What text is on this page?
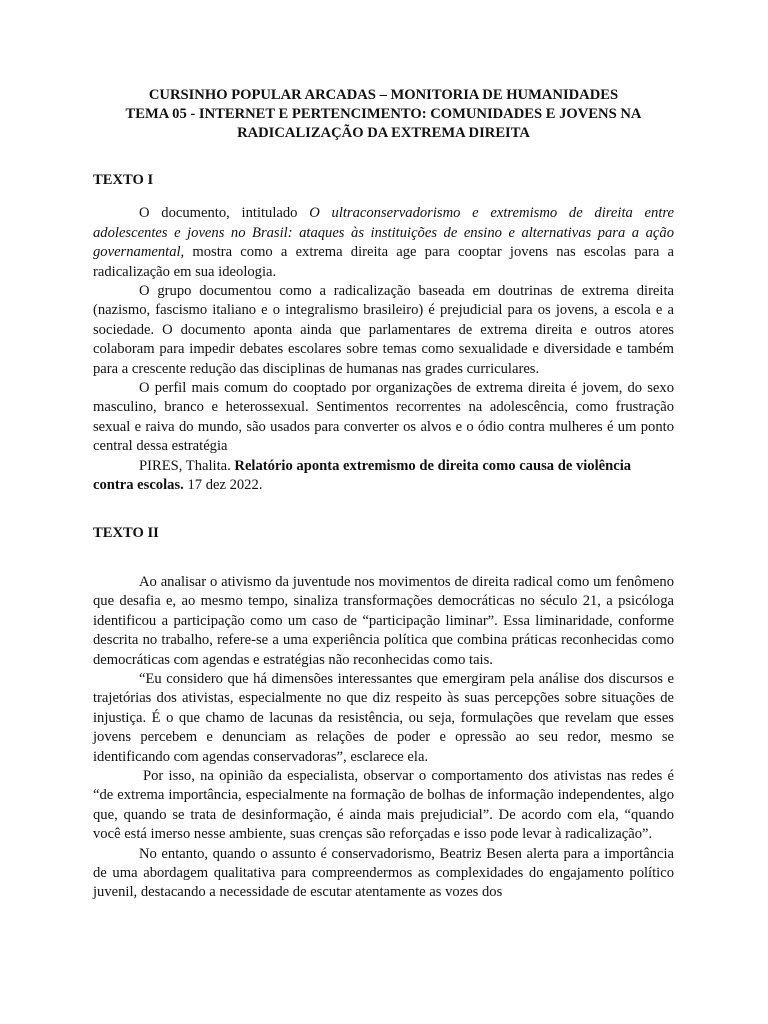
CURSINHO POPULAR ARCADAS – MONITORIA DE HUMANIDADES
TEMA 05 - INTERNET E PERTENCIMENTO: COMUNIDADES E JOVENS NA
RADICALIZAÇÃO DA EXTREMA DIREITA
TEXTO I

O documento, intitulado O ultraconservadorismo e extremismo de direita entre adolescentes e jovens no Brasil: ataques às instituições de ensino e alternativas para a ação governamental, mostra como a extrema direita age para cooptar jovens nas escolas para a radicalização em sua ideologia.

O grupo documentou como a radicalização baseada em doutrinas de extrema direita (nazismo, fascismo italiano e o integralismo brasileiro) é prejudicial para os jovens, a escola e a sociedade. O documento aponta ainda que parlamentares de extrema direita e outros atores colaboram para impedir debates escolares sobre temas como sexualidade e diversidade e também para a crescente redução das disciplinas de humanas nas grades curriculares.

O perfil mais comum do cooptado por organizações de extrema direita é jovem, do sexo masculino, branco e heterossexual. Sentimentos recorrentes na adolescência, como frustração sexual e raiva do mundo, são usados para converter os alvos e o ódio contra mulheres é um ponto central dessa estratégia

PIRES, Thalita. Relatório aponta extremismo de direita como causa de violência contra escolas. 17 dez 2022.

TEXTO II

Ao analisar o ativismo da juventude nos movimentos de direita radical como um fenômeno que desafia e, ao mesmo tempo, sinaliza transformações democráticas no século 21, a psicóloga identificou a participação como um caso de “participação liminar”. Essa liminaridade, conforme descrita no trabalho, refere-se a uma experiência política que combina práticas reconhecidas como democráticas com agendas e estratégias não reconhecidas como tais.

“Eu considero que há dimensões interessantes que emergiram pela análise dos discursos e trajetórias dos ativistas, especialmente no que diz respeito às suas percepções sobre situações de injustiça. É o que chamo de lacunas da resistência, ou seja, formulações que revelam que esses jovens percebem e denunciam as relações de poder e opressão ao seu redor, mesmo se identificando com agendas conservadoras”, esclarece ela.

Por isso, na opinião da especialista, observar o comportamento dos ativistas nas redes é “de extrema importância, especialmente na formação de bolhas de informação independentes, algo que, quando se trata de desinformação, é ainda mais prejudicial”. De acordo com ela, “quando você está imerso nesse ambiente, suas crenças são reforçadas e isso pode levar à radicalização”.

No entanto, quando o assunto é conservadorismo, Beatriz Besen alerta para a importância de uma abordagem qualitativa para compreendermos as complexidades do engajamento político juvenil, destacando a necessidade de escutar atentamente as vozes dos
